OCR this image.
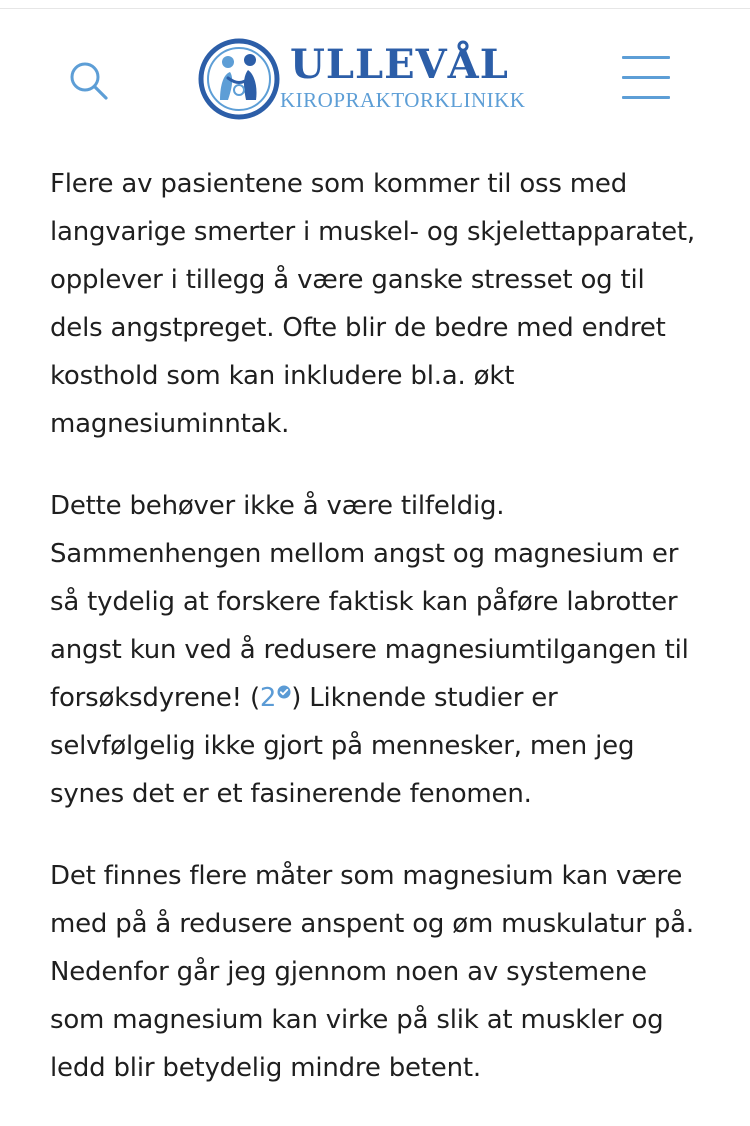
ULLEVÅL
KIROPRAKTORKLINIKK

Flere av pasientene som kommer til oss med langvarige smerter i muskel- og skjelettapparatet, opplever i tillegg å være ganske stresset og til dels angstpreget. Ofte blir de bedre med endret kosthold som kan inkludere bl.a. økt magnesiuminntak.

Dette behøver ikke å være tilfeldig. Sammenhengen mellom angst og magnesium er så tydelig at forskere faktisk kan påføre labrotter angst kun ved å redusere magnesiumtilgangen til forsøksdyrene! (2 ) Liknende studier er selvfølgelig ikke gjort på mennesker, men jeg synes det er et fasinerende fenomen.

Det finnes flere måter som magnesium kan være med på å redusere anspent og øm muskulatur på. Nedenfor går jeg gjennom noen av systemene som magnesium kan virke på slik at muskler og ledd blir betydelig mindre betent.
